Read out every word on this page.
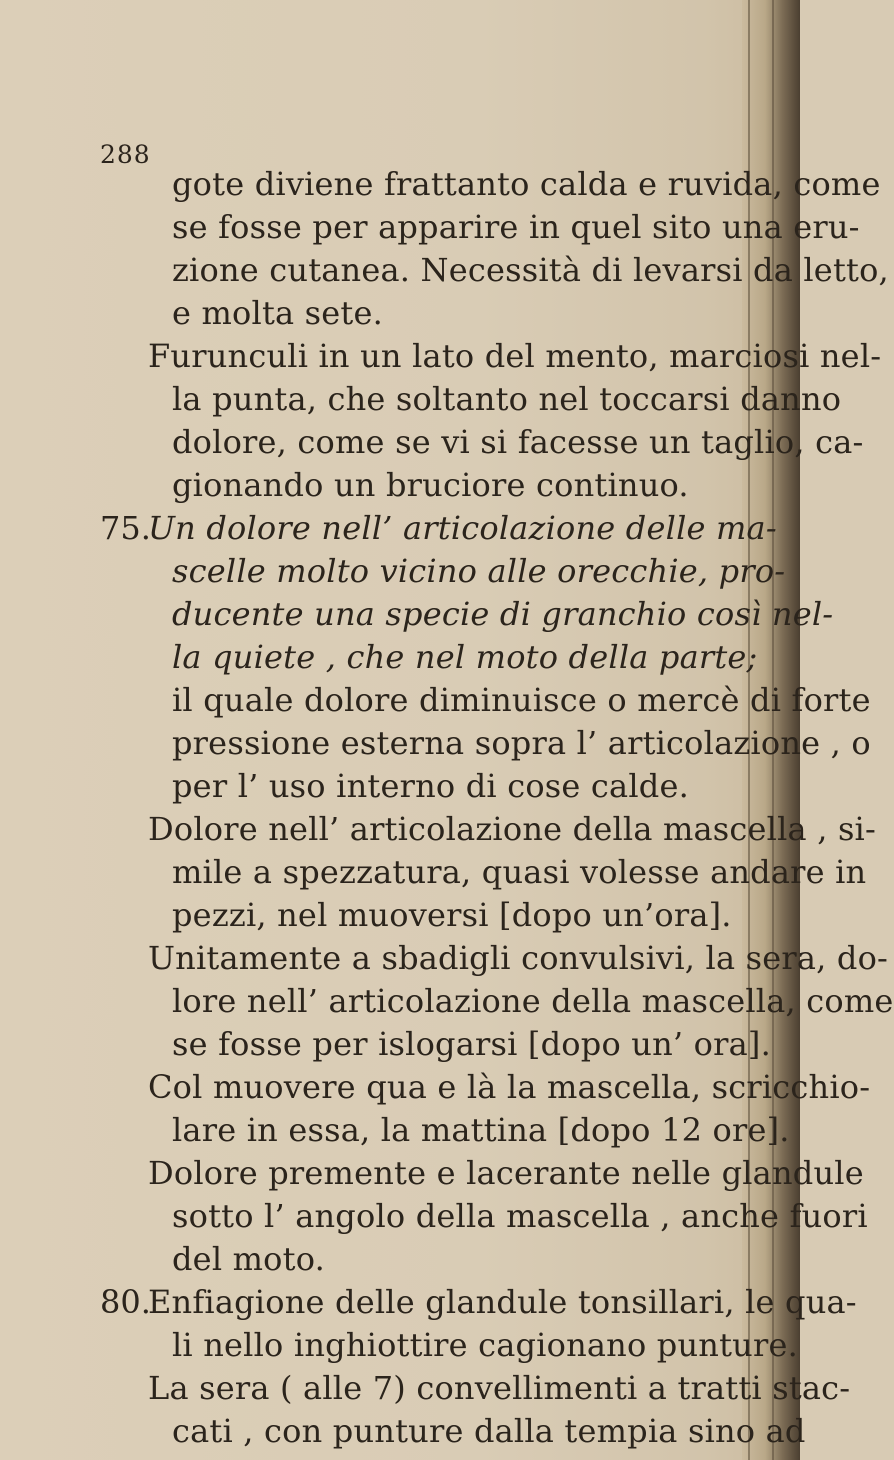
288
gote diviene frattanto calda e ruvida, come
se fosse per apparire in quel sito una eru-
zione cutanea. Necessità di levarsi da letto,
e molta sete.
Furunculi in un lato del mento, marciosi nel-
la punta, che soltanto nel toccarsi danno
dolore, come se vi si facesse un taglio, ca-
gionando un bruciore continuo.
75.
Un dolore nell’ articolazione delle ma-
scelle molto vicino alle orecchie, pro-
ducente una specie di granchio così nel-
la quiete , che nel moto della parte;
il quale dolore diminuisce o mercè di forte
pressione esterna sopra l’ articolazione , o
per l’ uso interno di cose calde.
Dolore nell’ articolazione della mascella , si-
mile a spezzatura, quasi volesse andare in
pezzi, nel muoversi [dopo un’ora].
Unitamente a sbadigli convulsivi, la sera, do-
lore nell’ articolazione della mascella, come
se fosse per islogarsi [dopo un’ ora].
Col muovere qua e là la mascella, scricchio-
lare in essa, la mattina [dopo 12 ore].
Dolore premente e lacerante nelle glandule
sotto l’ angolo della mascella , anche fuori
del moto.
80.
Enfiagione delle glandule tonsillari, le qua-
li nello inghiottire cagionano punture.
La sera ( alle 7) convellimenti a tratti stac-
cati , con punture dalla tempia sino ad
